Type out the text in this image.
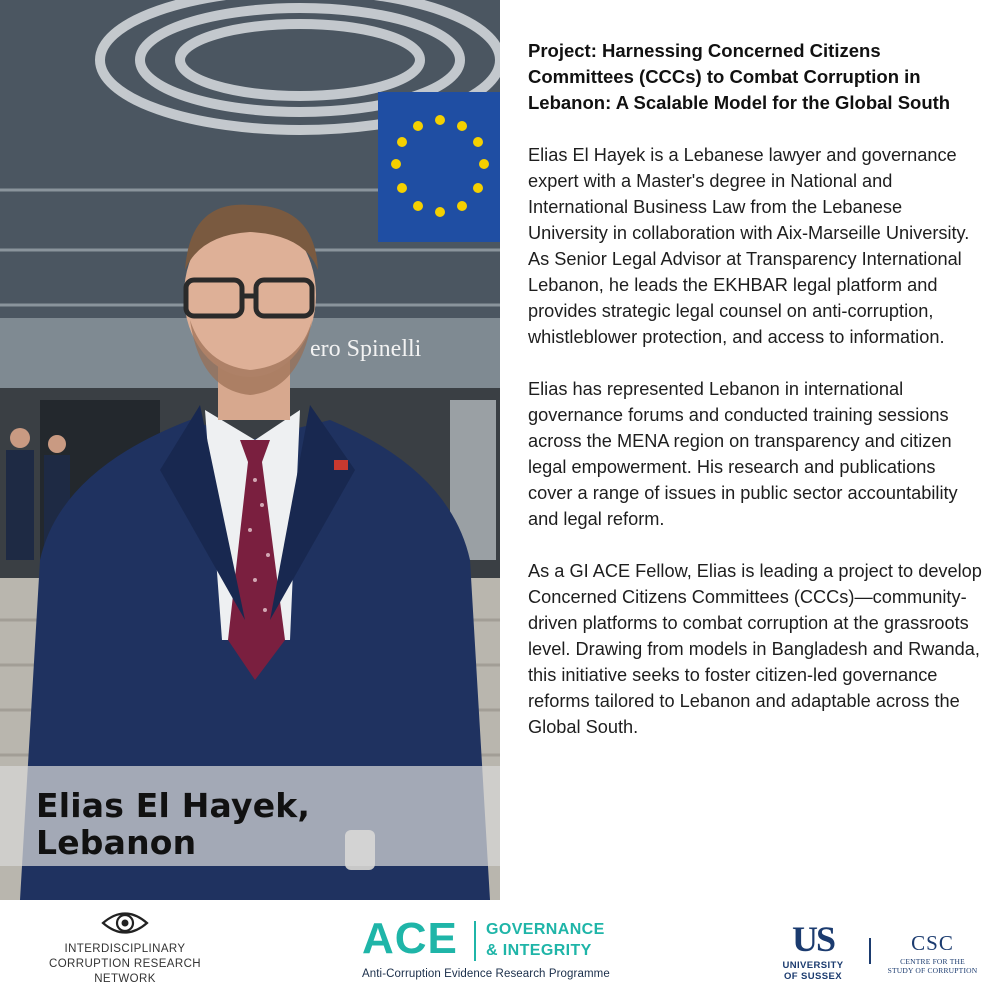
ero Spinelli
Elias El Hayek,
Lebanon
Project: Harnessing Concerned Citizens Committees (CCCs) to Combat Corruption in Lebanon: A Scalable Model for the Global South

Elias El Hayek is a Lebanese lawyer and governance expert with a Master's degree in National and International Business Law from the Lebanese University in collaboration with Aix-Marseille University. As Senior Legal Advisor at Transparency International Lebanon, he leads the EKHBAR legal platform and provides strategic legal counsel on anti-corruption, whistleblower protection, and access to information.

Elias has represented Lebanon in international governance forums and conducted training sessions across the MENA region on transparency and citizen legal empowerment. His research and publications cover a range of issues in public sector accountability and legal reform.

As a GI ACE Fellow, Elias is leading a project to develop Concerned Citizens Committees (CCCs)—community-driven platforms to combat corruption at the grassroots level. Drawing from models in Bangladesh and Rwanda, this initiative seeks to foster citizen-led governance reforms tailored to Lebanon and adaptable across the Global South.

INTERDISCIPLINARY
CORRUPTION RESEARCH
NETWORK
ACE GOVERNANCE
& INTEGRITY
Anti-Corruption Evidence Research Programme
US
UNIVERSITY
OF SUSSEX
CSC
CENTRE FOR THE
STUDY OF CORRUPTION
